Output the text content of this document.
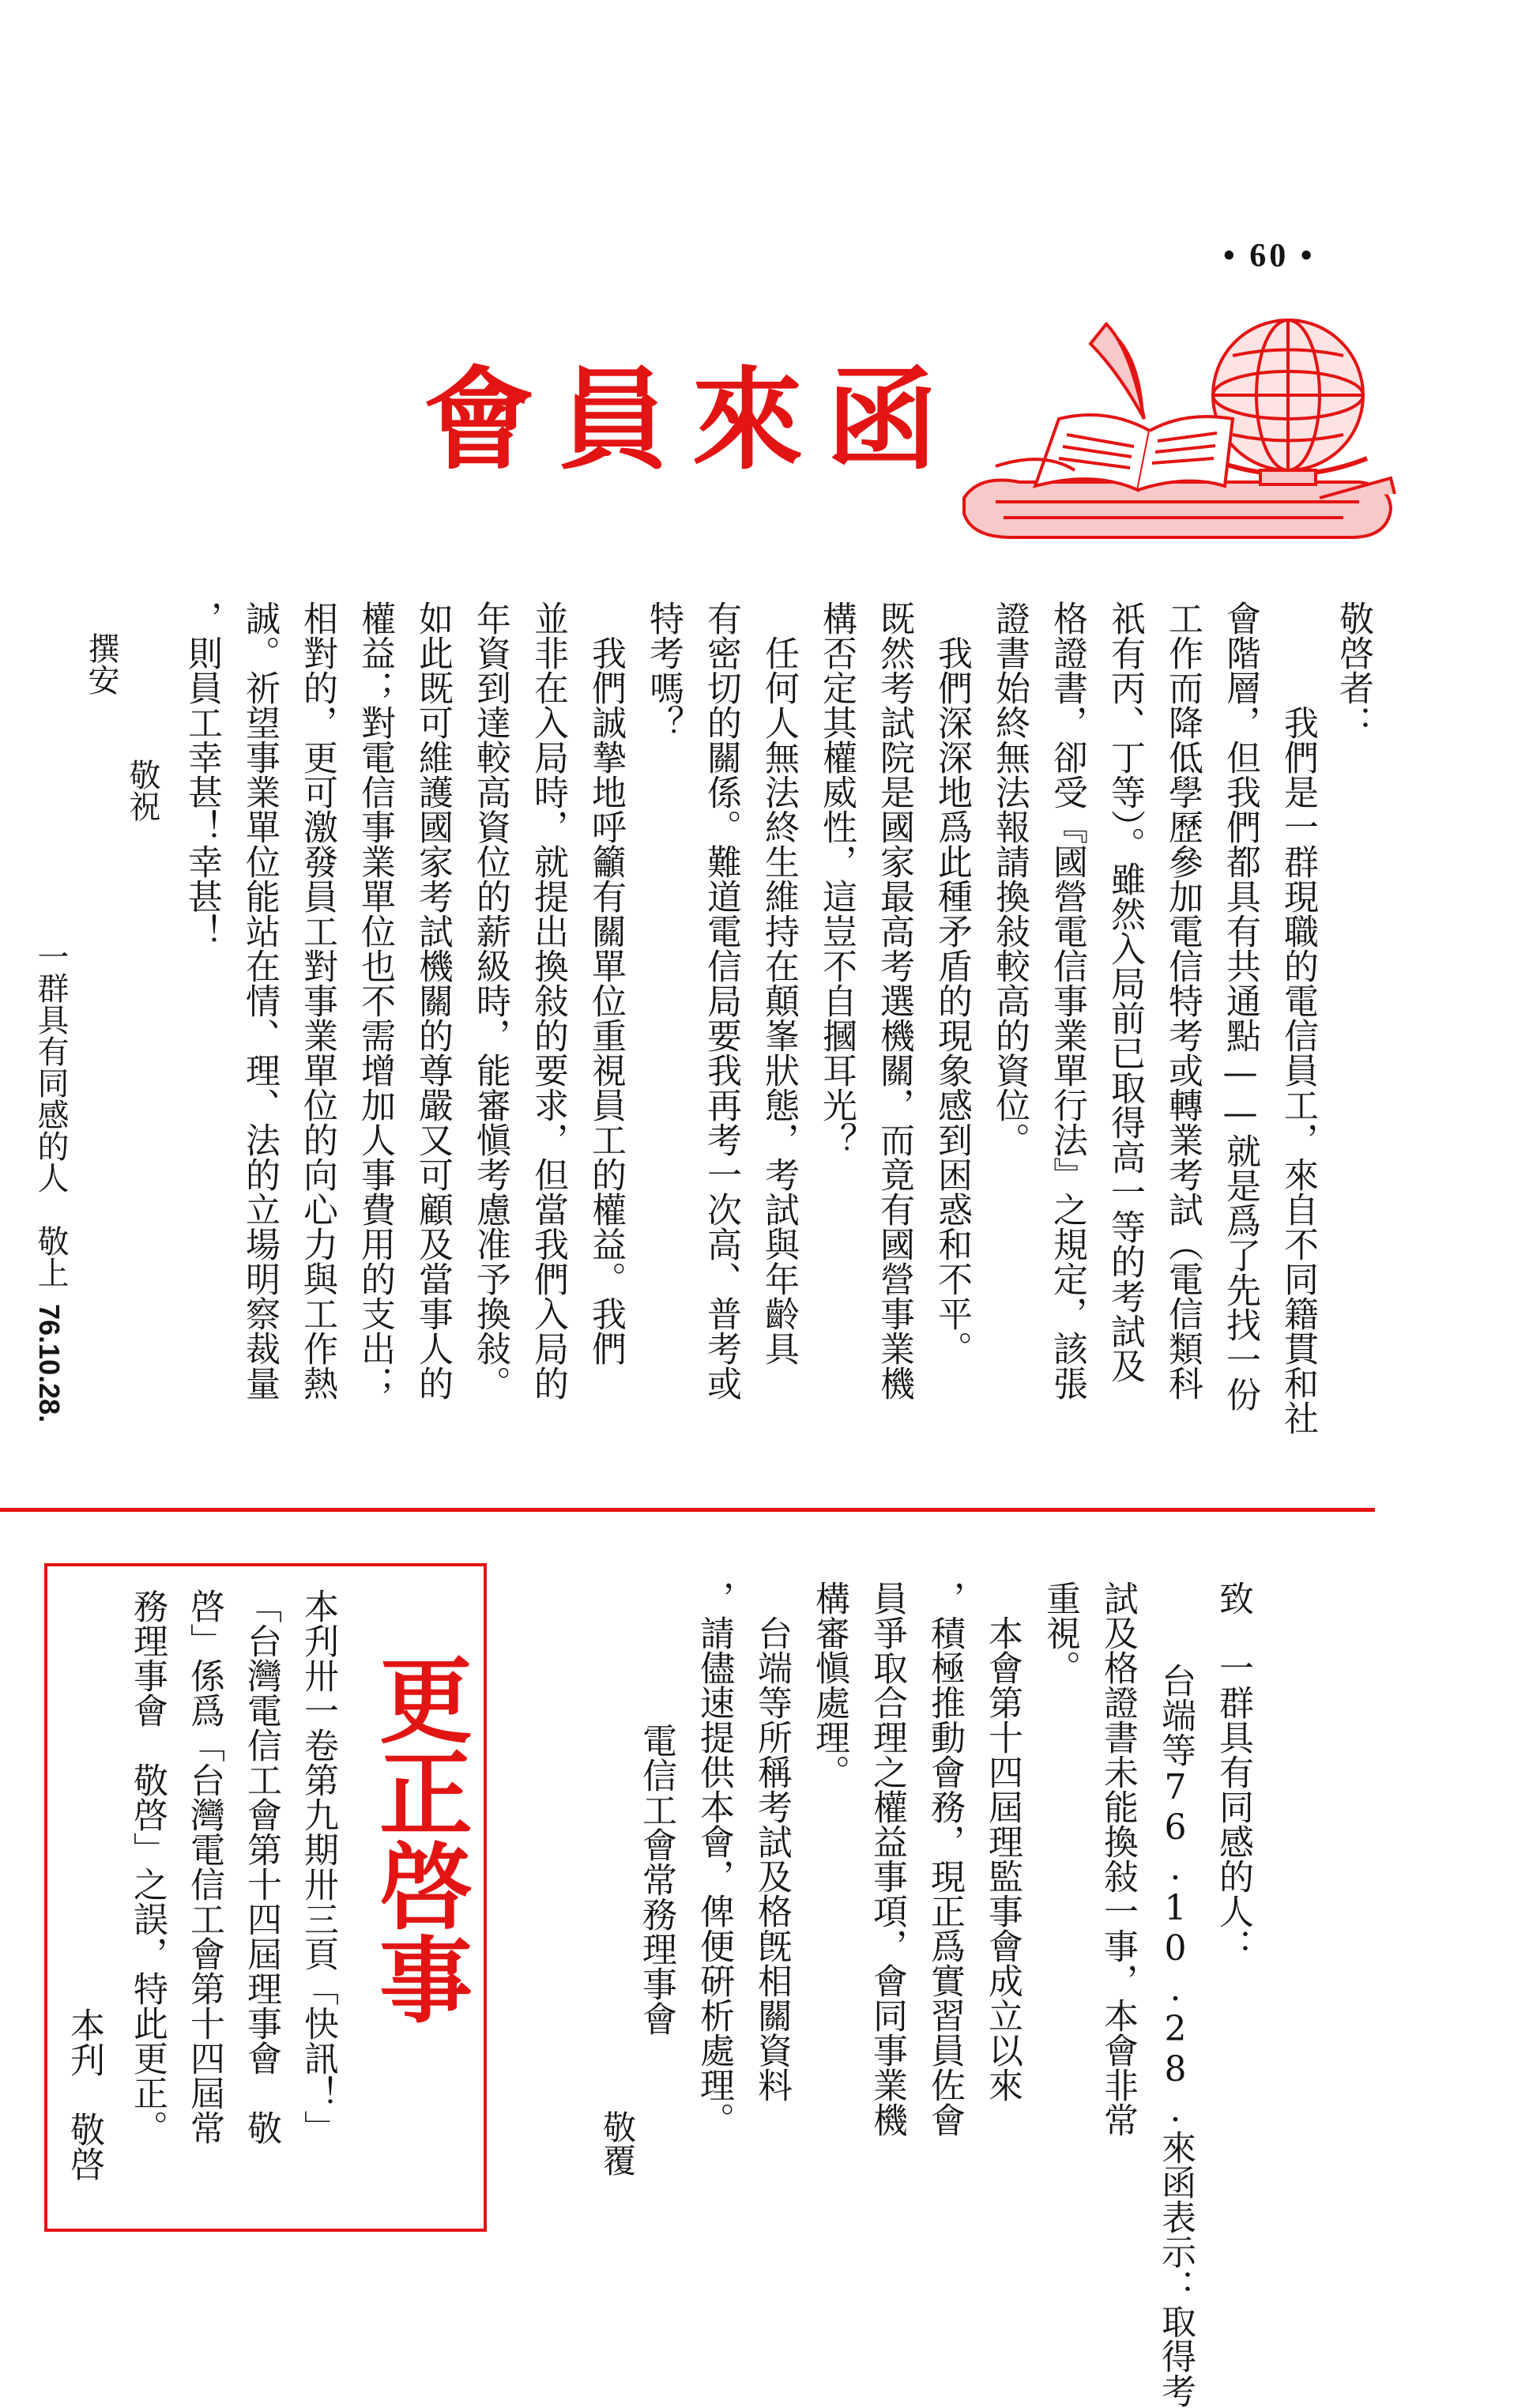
• 60 •
會員來函
敬啓者：
　我們是一群現職的電信員工，來自不同籍貫和社
會階層，但我們都具有共通點——就是爲了先找一份
工作而降低學歷參加電信特考或轉業考試（電信類科
祇有丙、丁等）。雖然入局前已取得高一等的考試及
格證書，卻受『國營電信事業單行法』之規定，該張
證書始終無法報請換敍較高的資位。
　我們深深地爲此種矛盾的現象感到困惑和不平。
既然考試院是國家最高考選機關，而竟有國營事業機
構否定其權威性，這豈不自摑耳光？
　任何人無法終生維持在顛峯狀態，考試與年齡具
有密切的關係。難道電信局要我再考一次高、普考或
特考嗎？
　我們誠摯地呼籲有關單位重視員工的權益。我們
並非在入局時，就提出換敍的要求，但當我們入局的
年資到達較高資位的薪級時，能審愼考慮准予換敍。
如此既可維護國家考試機關的尊嚴又可顧及當事人的
權益；對電信事業單位也不需增加人事費用的支出；
相對的，更可激發員工對事業單位的向心力與工作熱
誠。祈望事業單位能站在情、理、法的立場明察裁量
，則員工幸甚！幸甚！
　　敬祝
撰安
一群具有同感的人　敬上
76.10.28.
致　一群具有同感的人：
　台端等76.10.28.來函表示：取得考
試及格證書未能換敍一事，本會非常
重視。
　本會第十四屆理監事會成立以來
，積極推動會務，現正爲實習員佐會
員爭取合理之權益事項，會同事業機
構審愼處理。
　台端等所稱考試及格旣相關資料
，請儘速提供本會，俾便硏析處理。
電信工會常務理事會
敬覆
更正啓事
本刋卅一卷第九期卅三頁「快訊！」
「台灣電信工會第十四屆理事會　敬
啓」係爲「台灣電信工會第十四屆常
務理事會　敬啓」之誤，特此更正。
本刋　敬啓
